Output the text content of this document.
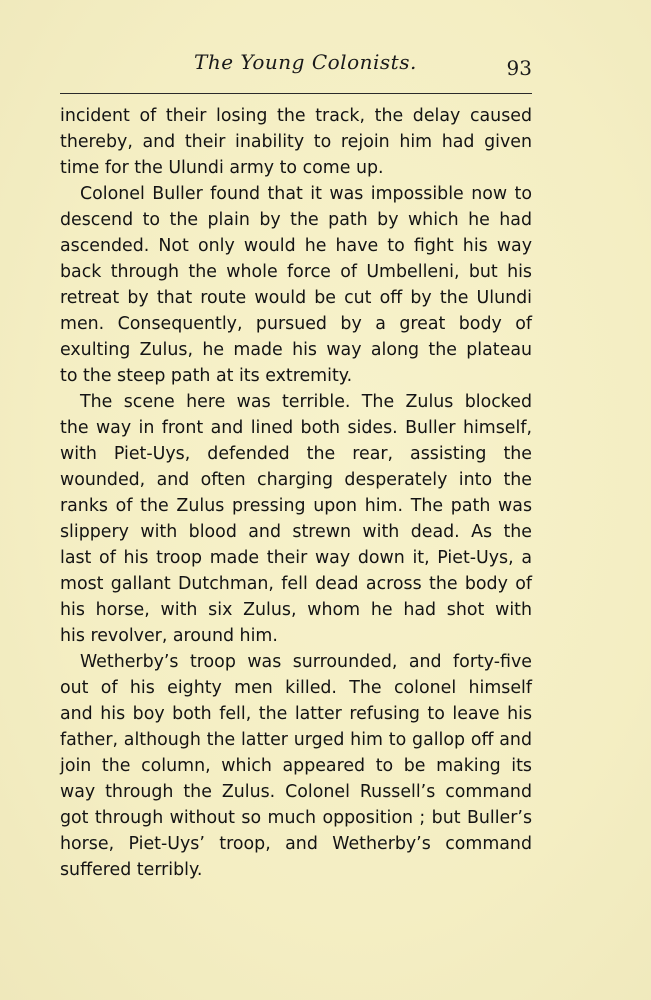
The Young Colonists.	93
incident of their losing the track, the delay caused
thereby, and their inability to rejoin him had given
time for the Ulundi army to come up.
Colonel Buller found that it was impossible now to
descend to the plain by the path by which he had
ascended. Not only would he have to fight his way
back through the whole force of Umbelleni, but his
retreat by that route would be cut off by the Ulundi
men. Consequently, pursued by a great body of
exulting Zulus, he made his way along the plateau
to the steep path at its extremity.
The scene here was terrible. The Zulus blocked
the way in front and lined both sides. Buller himself,
with Piet-Uys, defended the rear, assisting the
wounded, and often charging desperately into the
ranks of the Zulus pressing upon him. The path was
slippery with blood and strewn with dead. As the
last of his troop made their way down it, Piet-Uys, a
most gallant Dutchman, fell dead across the body of
his horse, with six Zulus, whom he had shot with
his revolver, around him.
Wetherby’s troop was surrounded, and forty-five
out of his eighty men killed. The colonel himself
and his boy both fell, the latter refusing to leave his
father, although the latter urged him to gallop off and
join the column, which appeared to be making its
way through the Zulus. Colonel Russell’s command
got through without so much opposition ; but Buller’s
horse, Piet-Uys’ troop, and Wetherby’s command
suffered terribly.
